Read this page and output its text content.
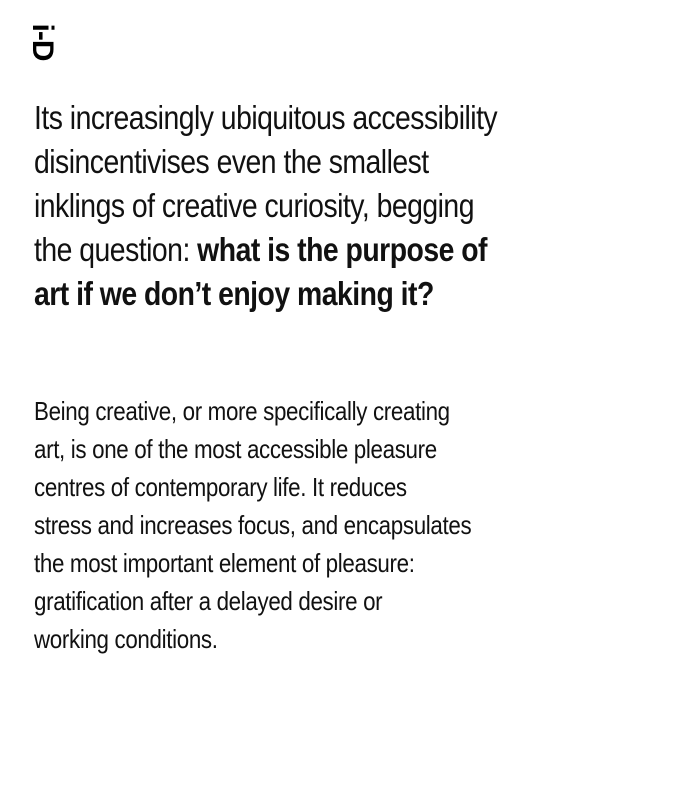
i-D
Its increasingly ubiquitous accessibility
disincentivises even the smallest
inklings of creative curiosity, begging
the question: what is the purpose of
art if we don’t enjoy making it?

Being creative, or more specifically creating
art, is one of the most accessible pleasure
centres of contemporary life. It reduces
stress and increases focus, and encapsulates
the most important element of pleasure:
gratification after a delayed desire or
working conditions.
